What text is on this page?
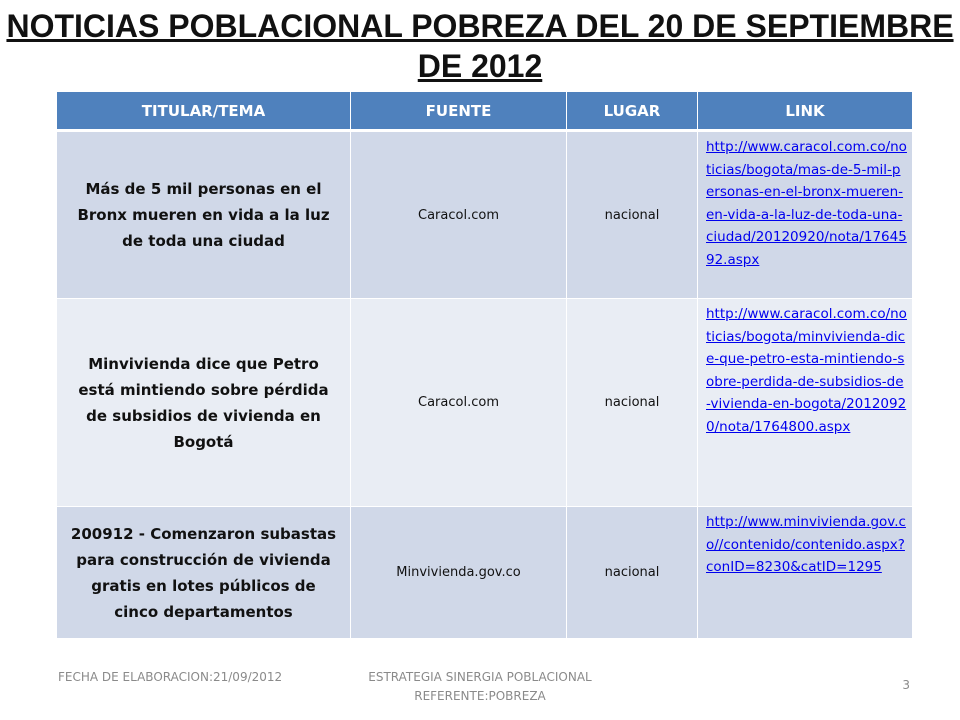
NOTICIAS POBLACIONAL POBREZA DEL 20 DE SEPTIEMBRE DE 2012
TITULAR/TEMA	FUENTE	LUGAR	LINK
Más de 5 mil personas en el Bronx mueren en vida a la luz de toda una ciudad	Caracol.com	nacional	http://www.caracol.com.co/noticias/bogota/mas-de-5-mil-personas-en-el-bronx-mueren-en-vida-a-la-luz-de-toda-una-ciudad/20120920/nota/1764592.aspx
Minvivienda dice que Petro está mintiendo sobre pérdida de subsidios de vivienda en Bogotá	Caracol.com	nacional	http://www.caracol.com.co/noticias/bogota/minvivienda-dice-que-petro-esta-mintiendo-sobre-perdida-de-subsidios-de-vivienda-en-bogota/20120920/nota/1764800.aspx
200912 - Comenzaron subastas para construcción de vivienda gratis en lotes públicos de cinco departamentos	Minvivienda.gov.co	nacional	http://www.minvivienda.gov.co//contenido/contenido.aspx?conID=8230&catID=1295
FECHA DE ELABORACION:21/09/2012	ESTRATEGIA SINERGIA POBLACIONAL
REFERENTE:POBREZA
3
